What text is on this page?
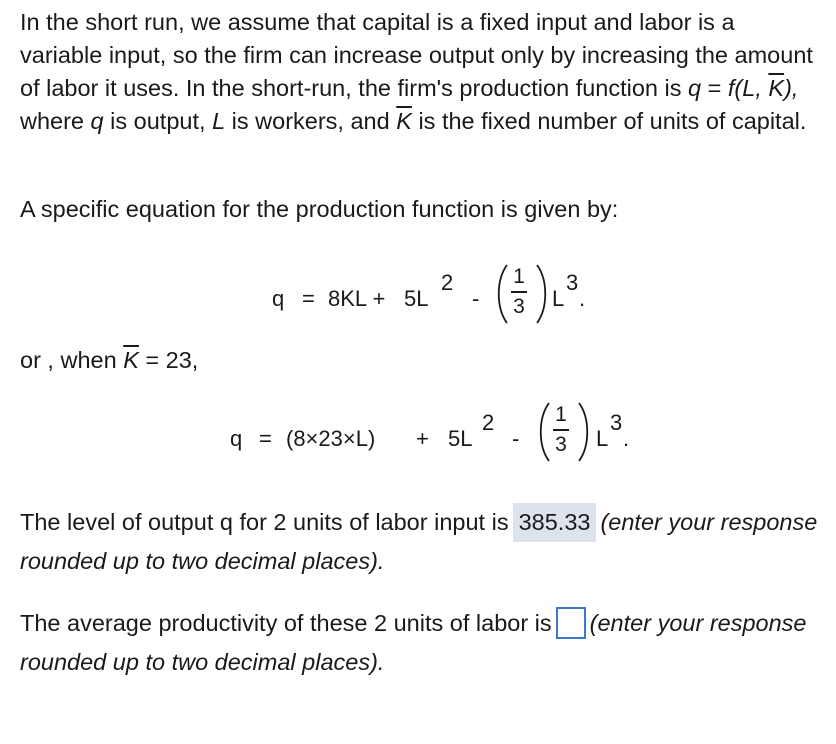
In the short run, we assume that capital is a fixed input and labor is a variable input, so the firm can increase output only by increasing the amount of labor it uses. In the short-run, the firm's production function is q = f(L, $\overline{K}$), where q is output, L is workers, and $\overline{K}$ is the fixed number of units of capital.

A specific equation for the production function is given by:

q = 8KL + 5L
2
-
1
3 L
3
.

or , when $\overline{K} = 23$,

q = (8×23×L) + 5L
2
-
1
3 L
3
.

The level of output q for 2 units of labor input is 385.33 (enter your response rounded up to two decimal places).

The average productivity of these 2 units of labor is (enter your response rounded up to two decimal places).
